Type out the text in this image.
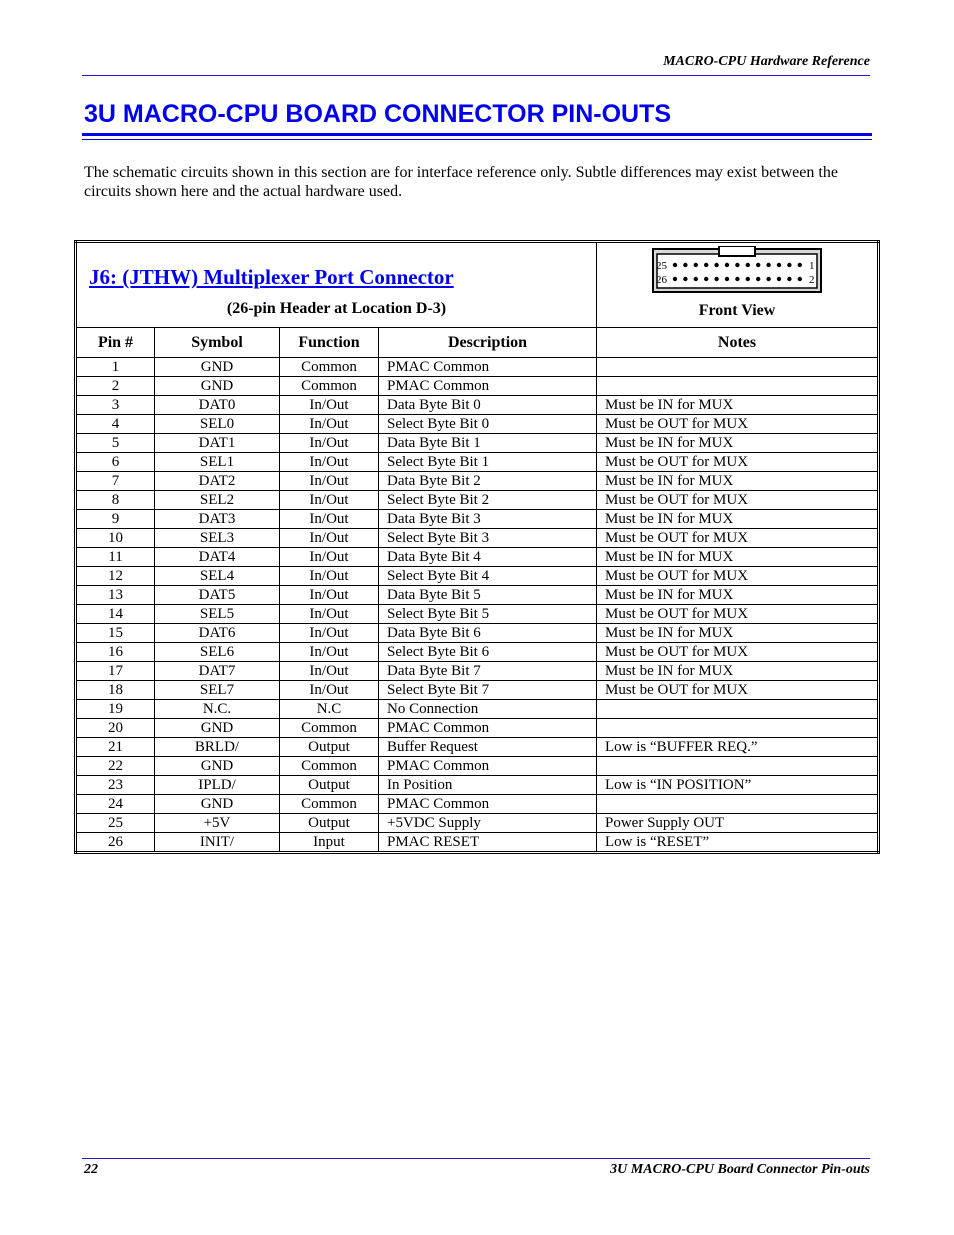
MACRO-CPU Hardware Reference
3U MACRO-CPU BOARD CONNECTOR PIN-OUTS
The schematic circuits shown in this section are for interface reference only. Subtle differences may exist between the circuits shown here and the actual hardware used.
J6: (JTHW) Multiplexer Port Connector
(26-pin Header at Location D-3)				25
26
1
2
Front View

Pin #	Symbol	Function	Description	Notes
1	GND	Common	PMAC Common	
2	GND	Common	PMAC Common	
3	DAT0	In/Out	Data Byte Bit 0	Must be IN for MUX
4	SEL0	In/Out	Select Byte Bit 0	Must be OUT for MUX
5	DAT1	In/Out	Data Byte Bit 1	Must be IN for MUX
6	SEL1	In/Out	Select Byte Bit 1	Must be OUT for MUX
7	DAT2	In/Out	Data Byte Bit 2	Must be IN for MUX
8	SEL2	In/Out	Select Byte Bit 2	Must be OUT for MUX
9	DAT3	In/Out	Data Byte Bit 3	Must be IN for MUX
10	SEL3	In/Out	Select Byte Bit 3	Must be OUT for MUX
11	DAT4	In/Out	Data Byte Bit 4	Must be IN for MUX
12	SEL4	In/Out	Select Byte Bit 4	Must be OUT for MUX
13	DAT5	In/Out	Data Byte Bit 5	Must be IN for MUX
14	SEL5	In/Out	Select Byte Bit 5	Must be OUT for MUX
15	DAT6	In/Out	Data Byte Bit 6	Must be IN for MUX
16	SEL6	In/Out	Select Byte Bit 6	Must be OUT for MUX
17	DAT7	In/Out	Data Byte Bit 7	Must be IN for MUX
18	SEL7	In/Out	Select Byte Bit 7	Must be OUT for MUX
19	N.C.	N.C	No Connection	
20	GND	Common	PMAC Common	
21	BRLD/	Output	Buffer Request	Low is “BUFFER REQ.”
22	GND	Common	PMAC Common	
23	IPLD/	Output	In Position	Low is “IN POSITION”
24	GND	Common	PMAC Common	
25	+5V	Output	+5VDC Supply	Power Supply OUT
26	INIT/	Input	PMAC RESET	Low is “RESET”
22	3U MACRO-CPU Board Connector Pin-outs
